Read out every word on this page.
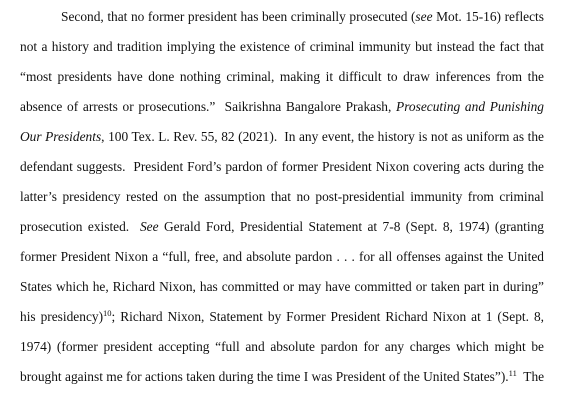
Second, that no former president has been criminally prosecuted (see Mot. 15-16) reflects
not a history and tradition implying the existence of criminal immunity but instead the fact that
“most presidents have done nothing criminal, making it difficult to draw inferences from the
absence of arrests or prosecutions.”  Saikrishna Bangalore Prakash, Prosecuting and Punishing
Our Presidents, 100 Tex. L. Rev. 55, 82 (2021).  In any event, the history is not as uniform as the
defendant suggests.  President Ford’s pardon of former President Nixon covering acts during the
latter’s presidency rested on the assumption that no post-presidential immunity from criminal
prosecution existed.  See Gerald Ford, Presidential Statement at 7-8 (Sept. 8, 1974) (granting
former President Nixon a “full, free, and absolute pardon . . . for all offenses against the United
States which he, Richard Nixon, has committed or may have committed or taken part in during”
his presidency)$^{10}$; Richard Nixon, Statement by Former President Richard Nixon at 1 (Sept. 8,
1974) (former president accepting “full and absolute pardon for any charges which might be
brought against me for actions taken during the time I was President of the United States”).$^{11}$  The
